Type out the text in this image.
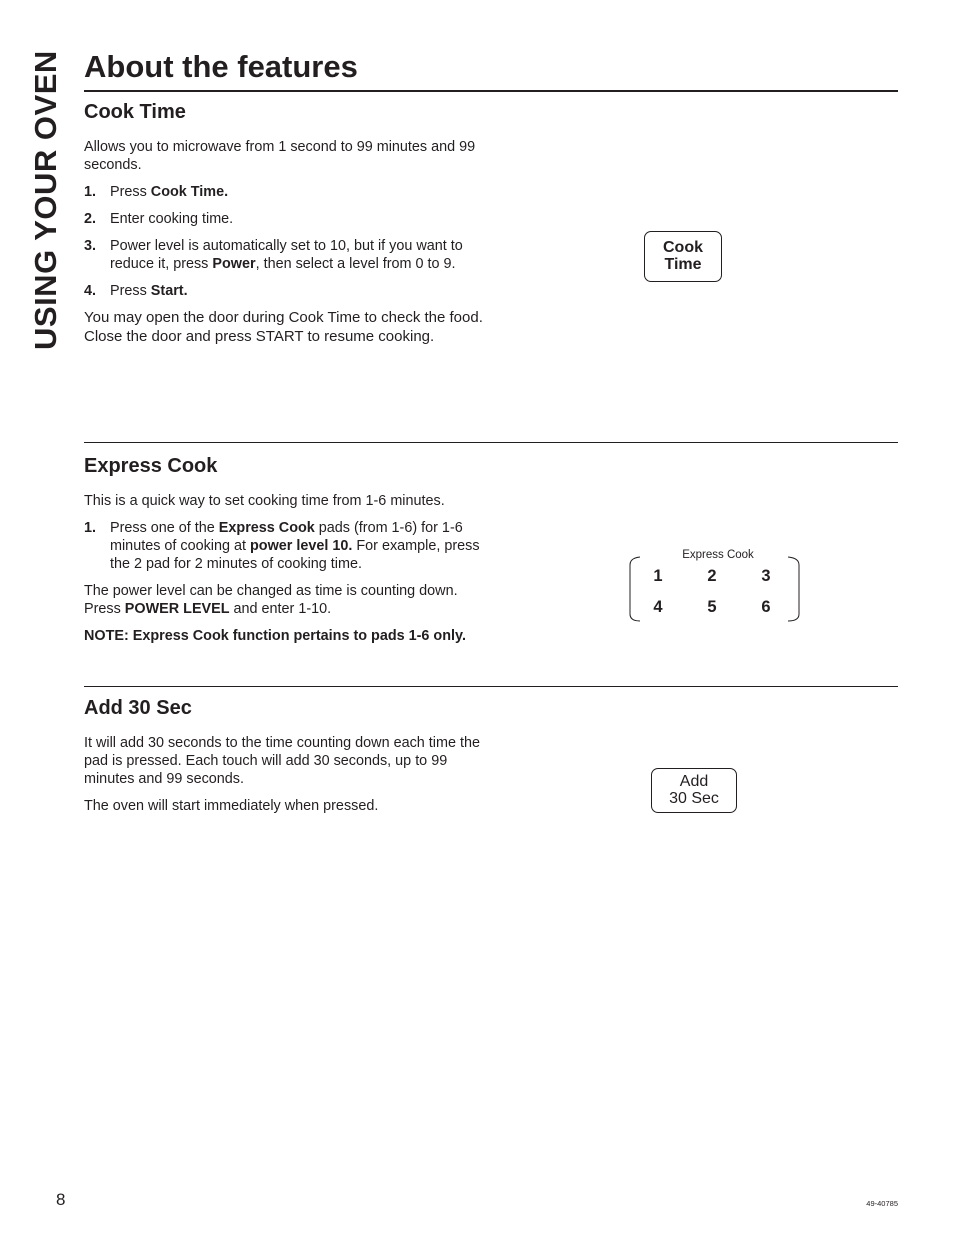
USING YOUR OVEN About the features
Cook Time

Allows you to microwave from 1 second to 99 minutes and 99 seconds.

1. Press Cook Time.
2. Enter cooking time.
3. Power level is automatically set to 10, but if you want to reduce it, press Power, then select a level from 0 to 9.
4. Press Start.

You may open the door during Cook Time to check the food. Close the door and press START to resume cooking.

Cook
Time
Express Cook

This is a quick way to set cooking time from 1-6 minutes.

1. Press one of the Express Cook pads (from 1-6) for 1-6 minutes of cooking at power level 10. For example, press the 2 pad for 2 minutes of cooking time.

The power level can be changed as time is counting down. Press POWER LEVEL and enter 1-10.

NOTE: Express Cook function pertains to pads 1-6 only.

Express Cook
1	2	3
4	5	6
Add 30 Sec

It will add 30 seconds to the time counting down each time the pad is pressed. Each touch will add 30 seconds, up to 99 minutes and 99 seconds.

The oven will start immediately when pressed.

Add
30 Sec
8	49-40785
